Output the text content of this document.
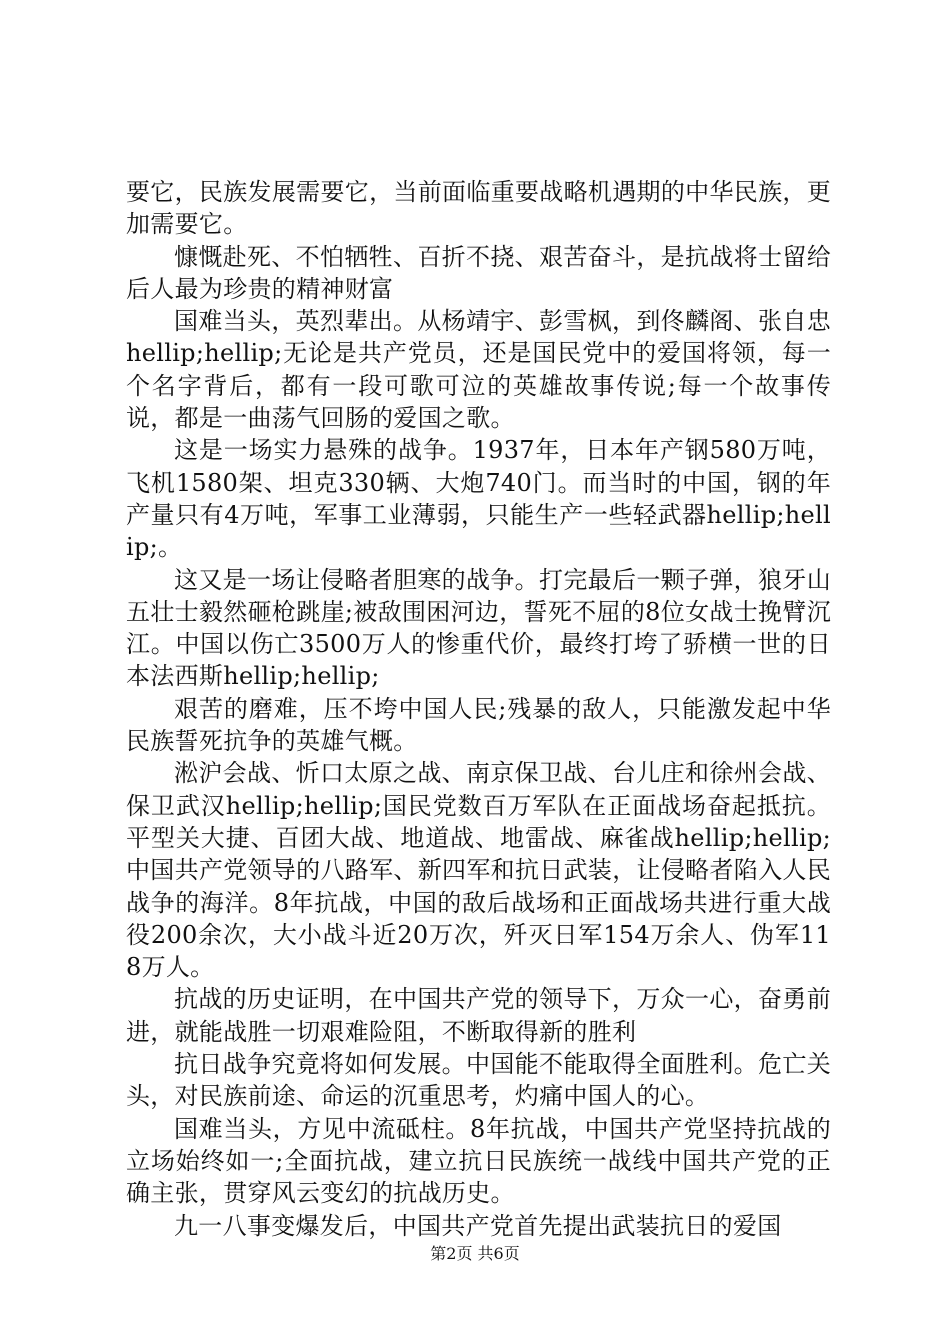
要它，民族发展需要它，当前面临重要战略机遇期的中华民族，更加需要它。

慷慨赴死、不怕牺牲、百折不挠、艰苦奋斗，是抗战将士留给后人最为珍贵的精神财富

国难当头，英烈辈出。从杨靖宇、彭雪枫，到佟麟阁、张自忠hellip;hellip;无论是共产党员，还是国民党中的爱国将领，每一个名字背后，都有一段可歌可泣的英雄故事传说;每一个故事传说，都是一曲荡气回肠的爱国之歌。

这是一场实力悬殊的战争。1937年，日本年产钢580万吨，飞机1580架、坦克330辆、大炮740门。而当时的中国，钢的年产量只有4万吨，军事工业薄弱，只能生产一些轻武器hellip;hellip;。

这又是一场让侵略者胆寒的战争。打完最后一颗子弹，狼牙山五壮士毅然砸枪跳崖;被敌围困河边，誓死不屈的8位女战士挽臂沉江。中国以伤亡3500万人的惨重代价，最终打垮了骄横一世的日本法西斯hellip;hellip;

艰苦的磨难，压不垮中国人民;残暴的敌人，只能激发起中华民族誓死抗争的英雄气概。

淞沪会战、忻口太原之战、南京保卫战、台儿庄和徐州会战、保卫武汉hellip;hellip;国民党数百万军队在正面战场奋起抵抗。平型关大捷、百团大战、地道战、地雷战、麻雀战hellip;hellip;中国共产党领导的八路军、新四军和抗日武装，让侵略者陷入人民战争的海洋。8年抗战，中国的敌后战场和正面战场共进行重大战役200余次，大小战斗近20万次，歼灭日军154万余人、伪军118万人。

抗战的历史证明，在中国共产党的领导下，万众一心，奋勇前进，就能战胜一切艰难险阻，不断取得新的胜利

抗日战争究竟将如何发展。中国能不能取得全面胜利。危亡关头，对民族前途、命运的沉重思考，灼痛中国人的心。

国难当头，方见中流砥柱。8年抗战，中国共产党坚持抗战的立场始终如一;全面抗战，建立抗日民族统一战线中国共产党的正确主张，贯穿风云变幻的抗战历史。

九一八事变爆发后，中国共产党首先提出武装抗日的爱国

第2页 共6页
